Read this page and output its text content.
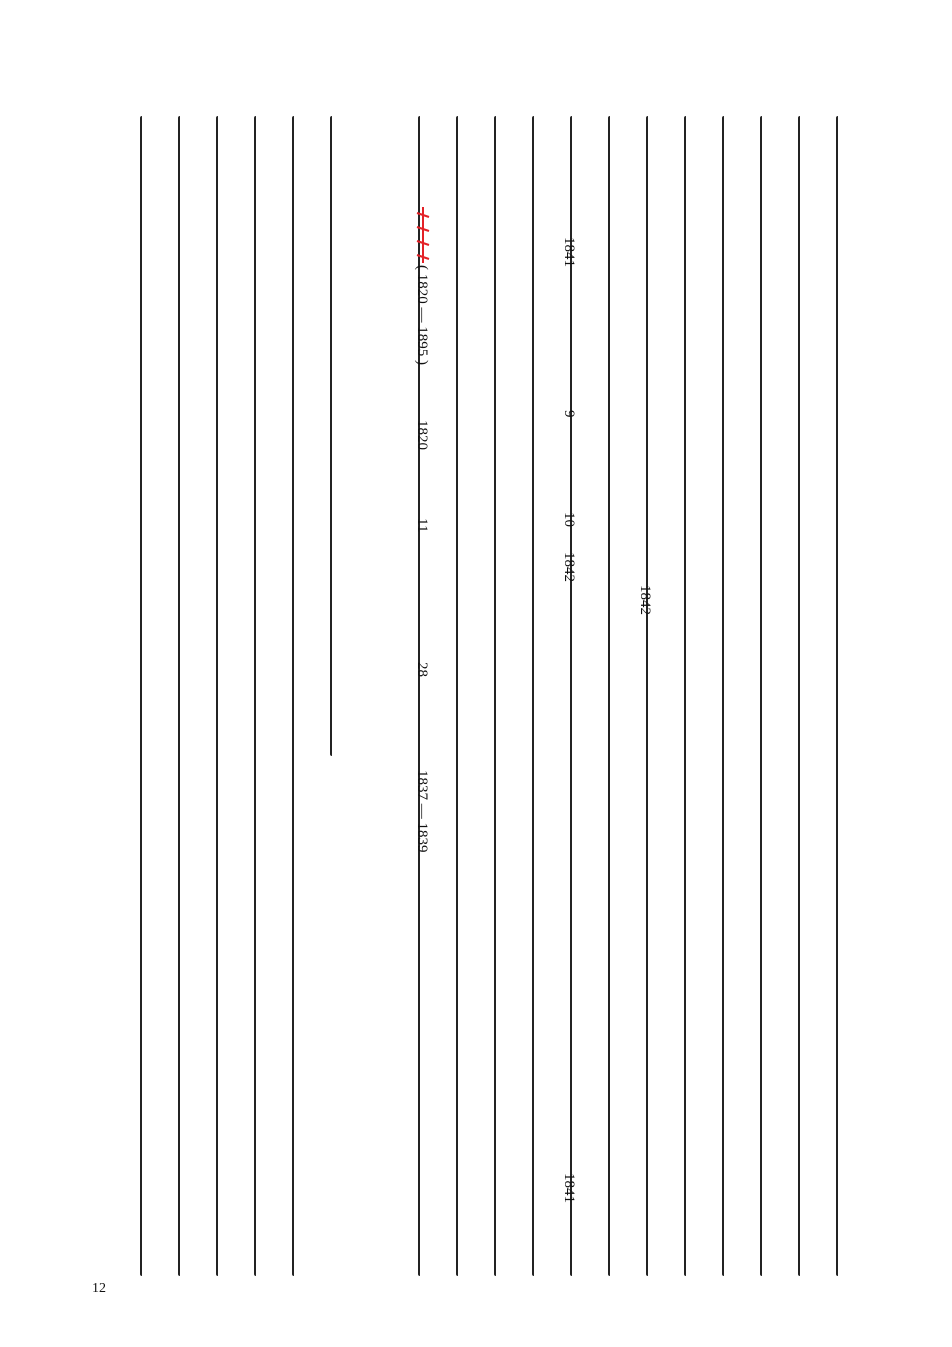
1842
1841
1841
1842
10
9
( 1820 — 1895 )
1820
11
28
1837 — 1839
12
